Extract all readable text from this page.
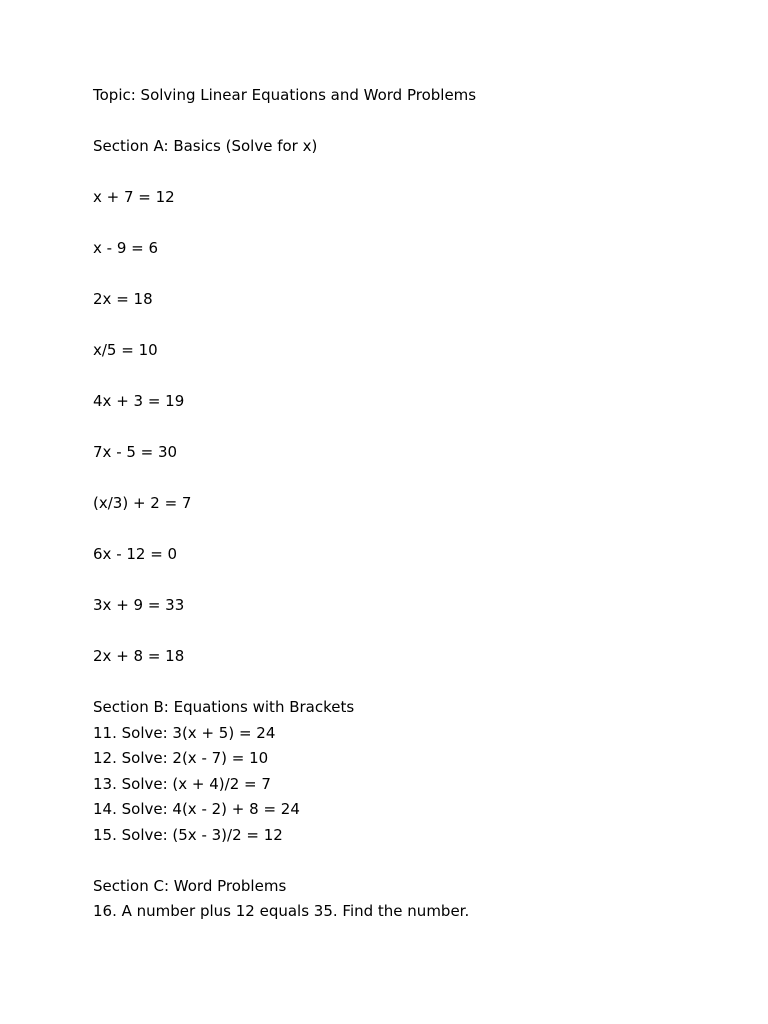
Topic: Solving Linear Equations and Word Problems
Section A: Basics (Solve for x)
x + 7 = 12
x - 9 = 6
2x = 18
x/5 = 10
4x + 3 = 19
7x - 5 = 30
(x/3) + 2 = 7
6x - 12 = 0
3x + 9 = 33
2x + 8 = 18
Section B: Equations with Brackets
11. Solve: 3(x + 5) = 24
12. Solve: 2(x - 7) = 10
13. Solve: (x + 4)/2 = 7
14. Solve: 4(x - 2) + 8 = 24
15. Solve: (5x - 3)/2 = 12
Section C: Word Problems
16. A number plus 12 equals 35. Find the number.
